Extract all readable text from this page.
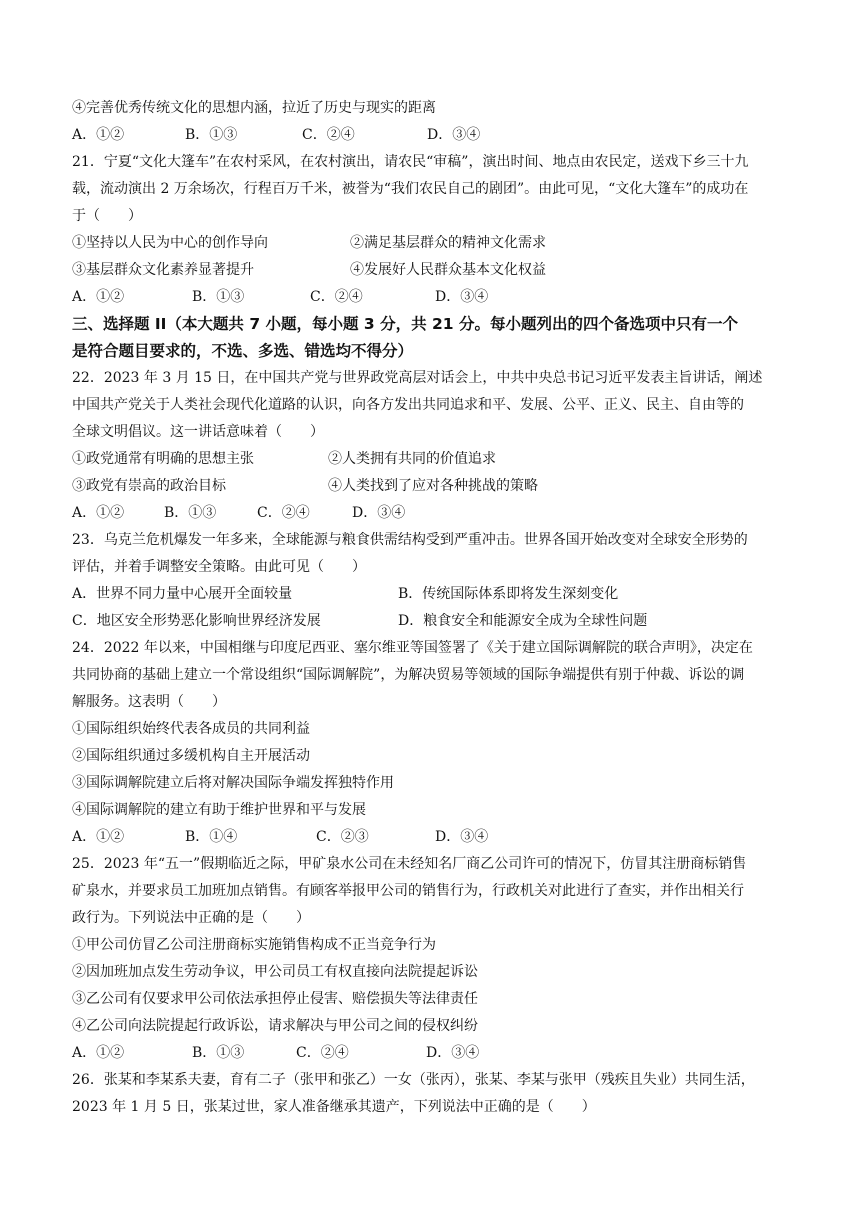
④完善优秀传统文化的思想内涵，拉近了历史与现实的距离
A．①②	B．①③	C．②④	D．③④
21．宁夏“文化大篷车”在农村采风，在农村演出，请农民“审稿”，演出时间、地点由农民定，送戏下乡三十九
载，流动演出 2 万余场次，行程百万千米，被誉为“我们农民自己的剧团”。由此可见，“文化大篷车”的成功在
于（　　）
①坚持以人民为中心的创作导向	②满足基层群众的精神文化需求
③基层群众文化素养显著提升	④发展好人民群众基本文化权益
A．①②	B．①③	C．②④	D．③④
三、选择题 II（本大题共 7 小题，每小题 3 分，共 21 分。每小题列出的四个备选项中只有一个
是符合题目要求的，不选、多选、错选均不得分）
22．2023 年 3 月 15 日，在中国共产党与世界政党高层对话会上，中共中央总书记习近平发表主旨讲话，阐述
中国共产党关于人类社会现代化道路的认识，向各方发出共同追求和平、发展、公平、正义、民主、自由等的
全球文明倡议。这一讲话意味着（　　）
①政党通常有明确的思想主张	②人类拥有共同的价值追求
③政党有崇高的政治目标	④人类找到了应对各种挑战的策略
A．①②	B．①③	C．②④	D．③④
23．乌克兰危机爆发一年多来，全球能源与粮食供需结构受到严重冲击。世界各国开始改变对全球安全形势的
评估，并着手调整安全策略。由此可见（　　）
A．世界不同力量中心展开全面较量	B．传统国际体系即将发生深刻变化
C．地区安全形势恶化影响世界经济发展	D．粮食安全和能源安全成为全球性问题
24．2022 年以来，中国相继与印度尼西亚、塞尔维亚等国签署了《关于建立国际调解院的联合声明》，决定在
共同协商的基础上建立一个常设组织“国际调解院”，为解决贸易等领域的国际争端提供有别于仲裁、诉讼的调
解服务。这表明（　　）
①国际组织始终代表各成员的共同利益
②国际组织通过多缓机构自主开展活动
③国际调解院建立后将对解决国际争端发挥独特作用
④国际调解院的建立有助于维护世界和平与发展
A．①②	B．①④	C．②③	D．③④
25．2023 年“五一”假期临近之际，甲矿泉水公司在未经知名厂商乙公司许可的情况下，仿冒其注册商标销售
矿泉水，并要求员工加班加点销售。有顾客举报甲公司的销售行为，行政机关对此进行了查实，并作出相关行
政行为。下列说法中正确的是（　　）
①甲公司仿冒乙公司注册商标实施销售构成不正当竞争行为
②因加班加点发生劳动争议，甲公司员工有权直接向法院提起诉讼
③乙公司有仅要求甲公司依法承担停止侵害、赔偿损失等法律责任
④乙公司向法院提起行政诉讼，请求解决与甲公司之间的侵权纠纷
A．①②	B．①③	C．②④	D．③④
26．张某和李某系夫妻，育有二子（张甲和张乙）一女（张丙），张某、李某与张甲（残疾且失业）共同生活，
2023 年 1 月 5 日，张某过世，家人准备继承其遗产，下列说法中正确的是（　　）
